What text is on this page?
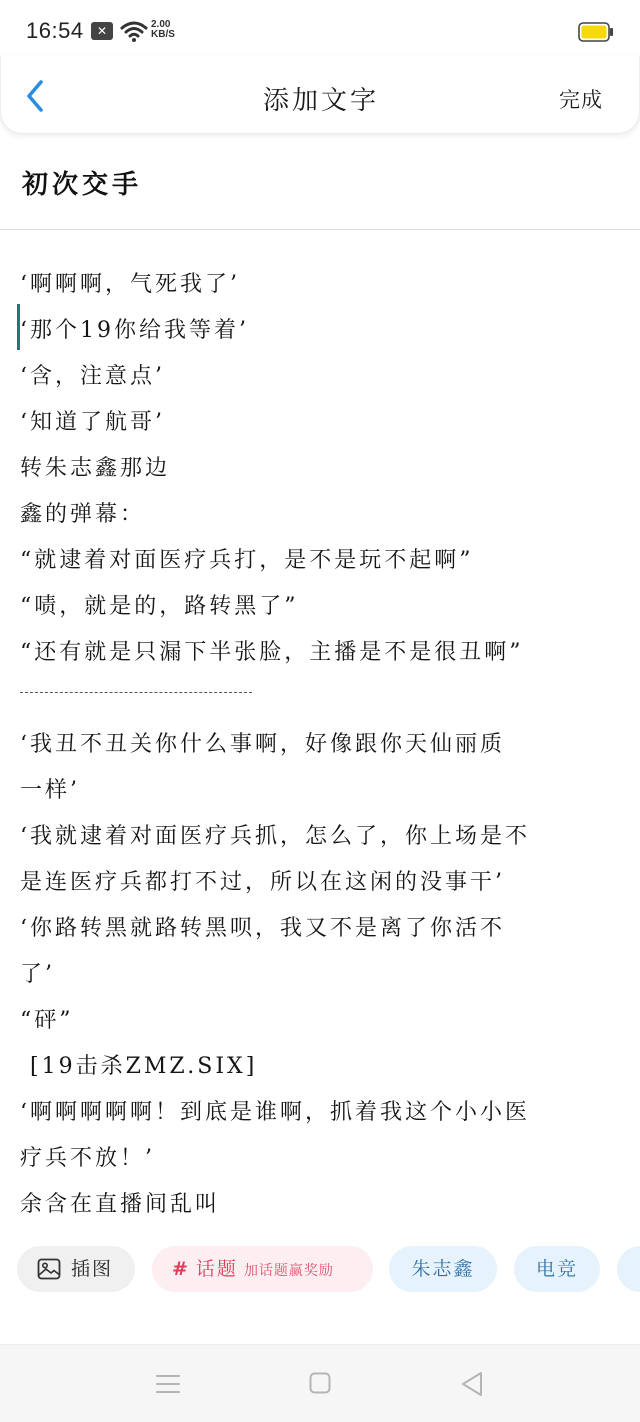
16:54	✕	2.00
KB/S
添加文字	完成
初次交手
‘啊啊啊，气死我了’
‘那个19你给我等着’
‘含，注意点’
‘知道了航哥’
转朱志鑫那边
鑫的弹幕：
“就逮着对面医疗兵打，是不是玩不起啊”
“啧，就是的，路转黑了”
“还有就是只漏下半张脸，主播是不是很丑啊”
‘我丑不丑关你什么事啊，好像跟你天仙丽质
一样’
‘我就逮着对面医疗兵抓，怎么了，你上场是不
是连医疗兵都打不过，所以在这闲的没事干’
‘你路转黑就路转黑呗，我又不是离了你活不
了’
“砰”
[19击杀ZMZ.SIX]
‘啊啊啊啊啊！到底是谁啊，抓着我这个小小医
疗兵不放！’
余含在直播间乱叫
插图	# 话题 加话题赢奖励	朱志鑫	电竞
